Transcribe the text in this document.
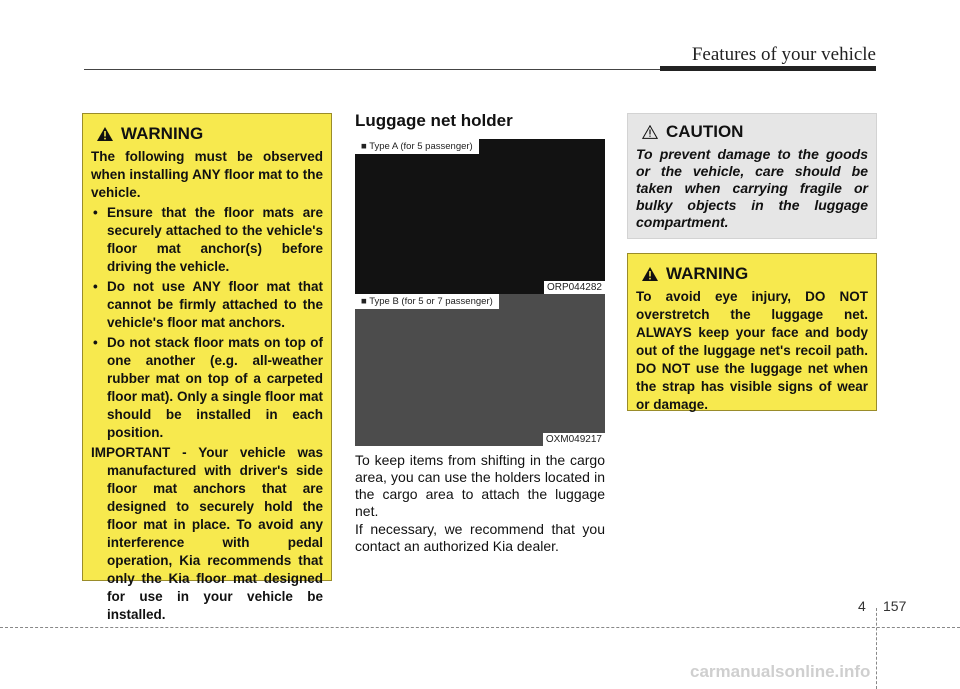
Features of your vehicle
WARNING

The following must be observed when installing ANY floor mat to the vehicle.

• Ensure that the floor mats are securely attached to the vehicle's floor mat anchor(s) before driving the vehicle.
• Do not use ANY floor mat that cannot be firmly attached to the vehicle's floor mat anchors.
• Do not stack floor mats on top of one another (e.g. all-weather rubber mat on top of a carpeted floor mat). Only a single floor mat should be installed in each position.

IMPORTANT - Your vehicle was manufactured with driver's side floor mat anchors that are designed to securely hold the floor mat in place. To avoid any interference with pedal operation, Kia recommends that only the Kia floor mat designed for use in your vehicle be installed.

Luggage net holder
■ Type A (for 5 passenger)
ORP044282
■ Type B (for 5 or 7 passenger)
OXM049217

To keep items from shifting in the cargo area, you can use the holders located in the cargo area to attach the luggage net.

If necessary, we recommend that you contact an authorized Kia dealer.

CAUTION

To prevent damage to the goods or the vehicle, care should be taken when carrying fragile or bulky objects in the luggage compartment.

WARNING

To avoid eye injury, DO NOT overstretch the luggage net. ALWAYS keep your face and body out of the luggage net's recoil path. DO NOT use the luggage net when the strap has visible signs of wear or damage.

4 157
carmanualsonline.info
